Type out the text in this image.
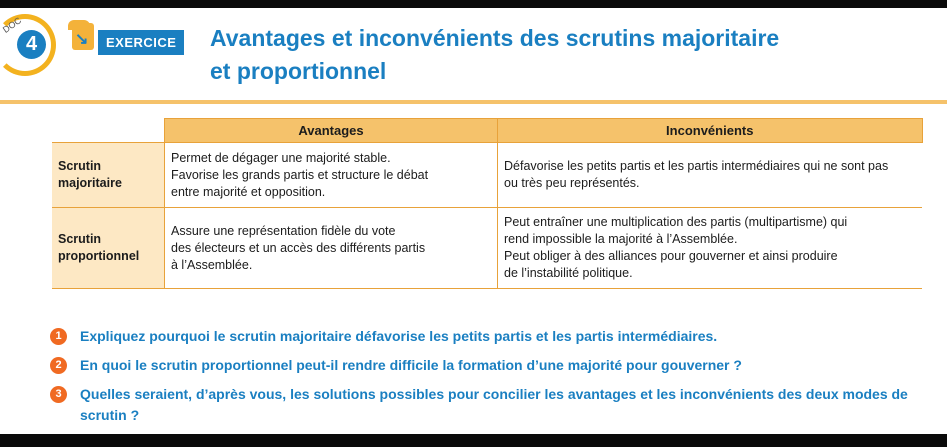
DOC
4	↘	EXERCICE	Avantages et inconvénients des scrutins majoritaire
et proportionnel
	Avantages	Inconvénients

Scrutin
majoritaire	Permet de dégager une majorité stable.
Favorise les grands partis et structure le débat
entre majorité et opposition.	Défavorise les petits partis et les partis intermédiaires qui ne sont pas
ou très peu représentés.

Scrutin
proportionnel	Assure une représentation fidèle du vote
des électeurs et un accès des différents partis
à l’Assemblée.	Peut entraîner une multiplication des partis (multipartisme) qui
rend impossible la majorité à l’Assemblée.
Peut obliger à des alliances pour gouverner et ainsi produire
de l’instabilité politique.
1	Expliquez pourquoi le scrutin majoritaire défavorise les petits partis et les partis intermédiaires.
2	En quoi le scrutin proportionnel peut-il rendre difficile la formation d’une majorité pour gouverner ?
3	Quelles seraient, d’après vous, les solutions possibles pour concilier les avantages et les inconvénients des deux modes de scrutin ?
